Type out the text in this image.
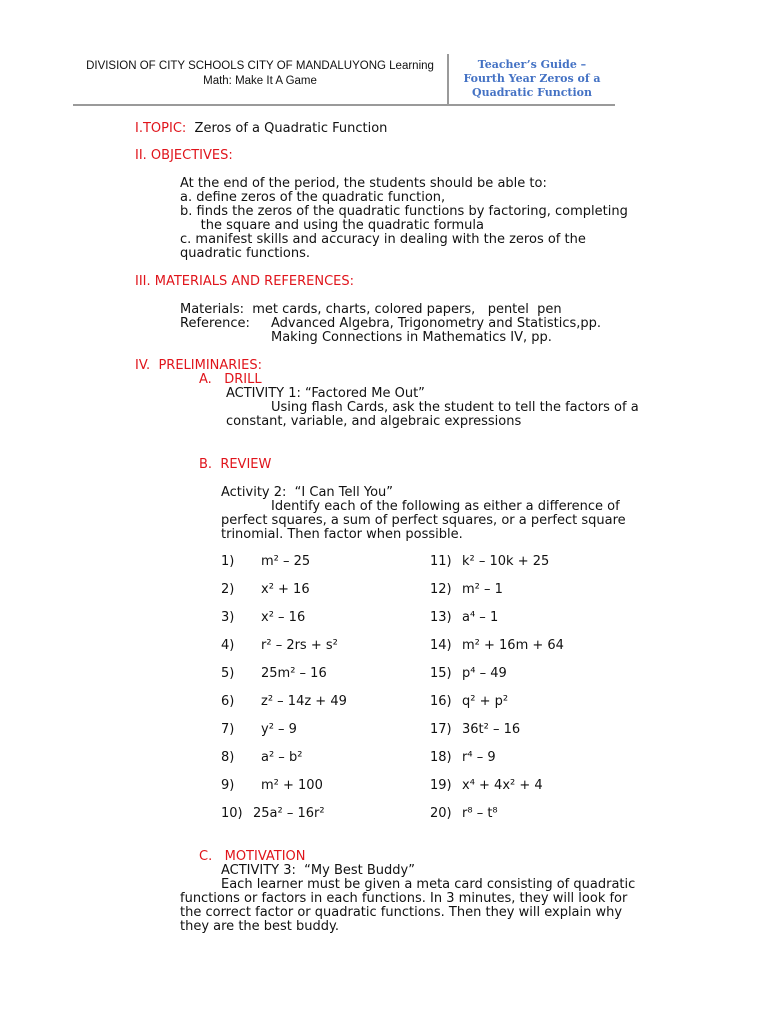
DIVISION OF CITY SCHOOLS CITY OF MANDALUYONG Learning
Math: Make It A Game
Teacher’s Guide –
Fourth Year Zeros of a
Quadratic Function
I.TOPIC: Zeros of a Quadratic Function
II. OBJECTIVES:
At the end of the period, the students should be able to:
a. define zeros of the quadratic function,
b. finds the zeros of the quadratic functions by factoring, completing
the square and using the quadratic formula
c. manifest skills and accuracy in dealing with the zeros of the
quadratic functions.
III. MATERIALS AND REFERENCES:
Materials:  met cards, charts, colored papers,   pentel  pen
Reference: Advanced Algebra, Trigonometry and Statistics,pp.
Making Connections in Mathematics IV, pp.
IV.  PRELIMINARIES:
A.   DRILL
ACTIVITY 1: “Factored Me Out”
Using flash Cards, ask the student to tell the factors of a
constant, variable, and algebraic expressions
B.  REVIEW
Activity 2:  “I Can Tell You”
Identify each of the following as either a difference of
perfect squares, a sum of perfect squares, or a perfect square
trinomial. Then factor when possible.
1) m² – 25
2) x² + 16
3) x² – 16
4) r² – 2rs + s²
5) 25m² – 16
6) z² – 14z + 49
7) y² – 9
8) a² – b²
9) m² + 100
10) 25a² – 16r²
11) k² – 10k + 25
12) m² – 1
13) a⁴ – 1
14) m² + 16m + 64
15) p⁴ – 49
16) q² + p²
17) 36t² – 16
18) r⁴ – 9
19) x⁴ + 4x² + 4
20) r⁸ – t⁸
C.   MOTIVATION
ACTIVITY 3:  “My Best Buddy”
Each learner must be given a meta card consisting of quadratic
functions or factors in each functions. In 3 minutes, they will look for
the correct factor or quadratic functions. Then they will explain why
they are the best buddy.
